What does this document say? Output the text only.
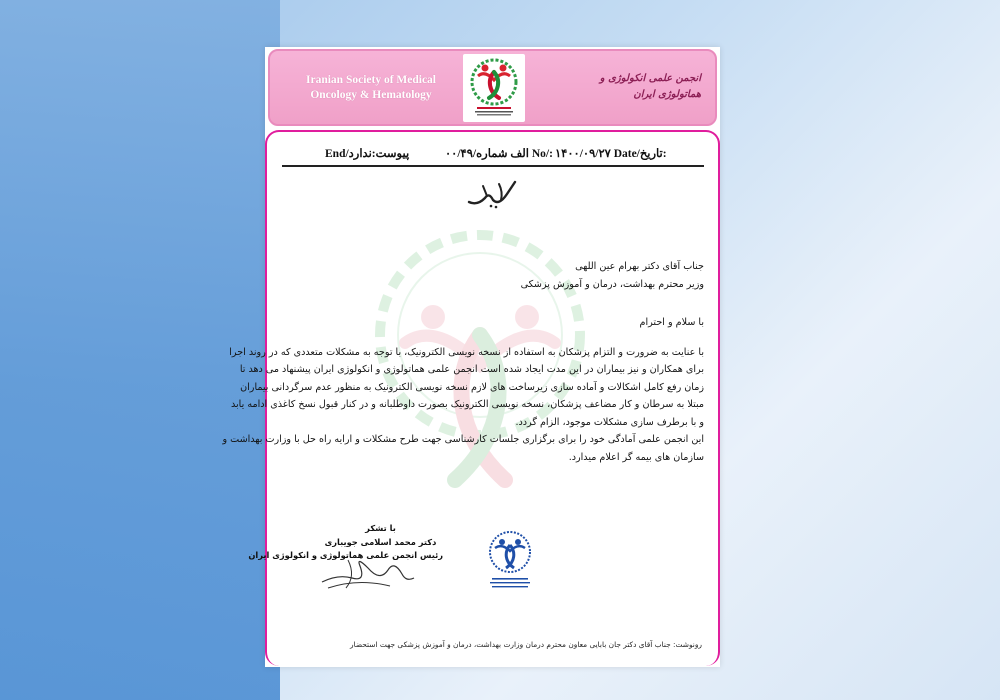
Iranian Society of Medical Oncology & Hematology
انجمن علمی انکولوژی و هماتولوژی ایران
End/پیوست:ندارد	۰۰/۴۹/الف شماره No/: ۱۴۰۰/۰۹/۲۷ Date/تاریخ:
جناب آقای دکتر بهرام عین اللهی
وزیر محترم بهداشت، درمان و آموزش پزشکی
با سلام و احترام
با عنایت به ضرورت و التزام پزشکان به استفاده از نسخه نویسی الکترونیک، با توجه به مشکلات متعددی که در روند اجرا
برای همکاران و نیز بیماران در این مدت ایجاد شده است انجمن علمی هماتولوژی و انکولوژی ایران پیشنهاد می دهد تا
زمان رفع کامل اشکالات و آماده سازی زیرساخت های لازم نسخه نویسی الکترونیک به منظور عدم سرگردانی بیماران
مبتلا به سرطان و کار مضاعف پزشکان، نسخه نویسی الکترونیک بصورت داوطلبانه و در کنار قبول نسخ کاغذی ادامه یابد
و با برطرف سازی مشکلات موجود، الزام گردد.
این انجمن علمی آمادگی خود را برای برگزاری جلسات کارشناسی جهت طرح مشکلات و ارایه راه حل با وزارت بهداشت و
سازمان های بیمه گر اعلام میدارد.
با تشکر
دکتر محمد اسلامی جویباری
رئیس انجمن علمی هماتولوژی و انکولوژی ایران
رونوشت: جناب آقای دکتر جان بابایی معاون محترم درمان وزارت بهداشت، درمان و آموزش پزشکی جهت استحضار
